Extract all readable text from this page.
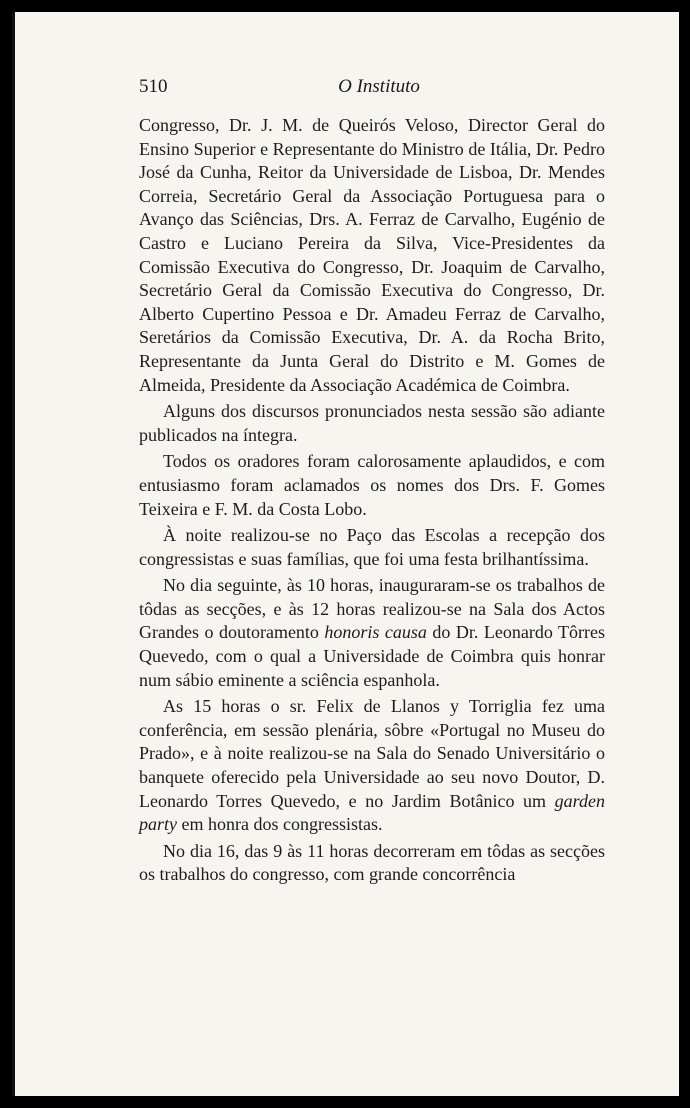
510	O Instituto

Congresso, Dr. J. M. de Queirós Veloso, Director Geral do Ensino Superior e Representante do Ministro de Itália, Dr. Pedro José da Cunha, Reitor da Universidade de Lisboa, Dr. Mendes Correia, Secretário Geral da Associação Portuguesa para o Avanço das Sciências, Drs. A. Ferraz de Carvalho, Eugénio de Castro e Luciano Pereira da Silva, Vice-Presidentes da Comissão Executiva do Congresso, Dr. Joaquim de Carvalho, Secretário Geral da Comissão Executiva do Congresso, Dr. Alberto Cupertino Pessoa e Dr. Amadeu Ferraz de Carvalho, Seretários da Comissão Executiva, Dr. A. da Rocha Brito, Representante da Junta Geral do Distrito e M. Gomes de Almeida, Presidente da Associação Académica de Coimbra.

Alguns dos discursos pronunciados nesta sessão são adiante publicados na íntegra.

Todos os oradores foram calorosamente aplaudidos, e com entusiasmo foram aclamados os nomes dos Drs. F. Gomes Teixeira e F. M. da Costa Lobo.

À noite realizou-se no Paço das Escolas a recepção dos congressistas e suas famílias, que foi uma festa brilhantíssima.

No dia seguinte, às 10 horas, inauguraram-se os trabalhos de tôdas as secções, e às 12 horas realizou-se na Sala dos Actos Grandes o doutoramento honoris causa do Dr. Leonardo Tôrres Quevedo, com o qual a Universidade de Coimbra quis honrar num sábio eminente a sciência espanhola.

As 15 horas o sr. Felix de Llanos y Torriglia fez uma conferência, em sessão plenária, sôbre «Portugal no Museu do Prado», e à noite realizou-se na Sala do Senado Universitário o banquete oferecido pela Universidade ao seu novo Doutor, D. Leonardo Torres Quevedo, e no Jardim Botânico um garden party em honra dos congressistas.

No dia 16, das 9 às 11 horas decorreram em tôdas as secções os trabalhos do congresso, com grande concorrência
